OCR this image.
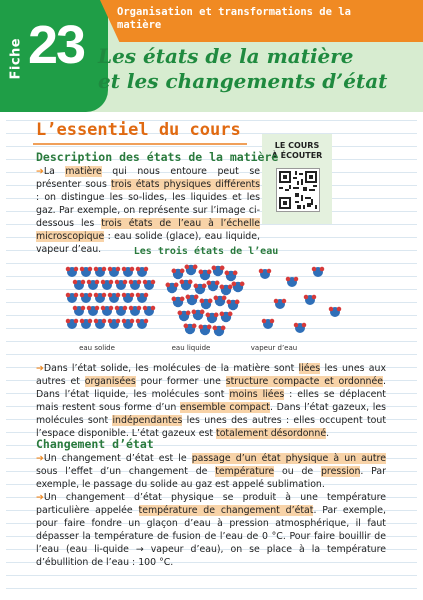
Fiche 23
Organisation et transformations de la matière
Les états de la matière
et les changements d’état
L’essentiel du cours
LE COURS
À ÉCOUTER
Description des états de la matière
➔La matière qui nous entoure peut se présenter sous trois états physiques différents : on distingue les so-lides, les liquides et les gaz. Par exemple, on représente sur l’image ci-dessous les trois états de l’eau à l’échelle microscopique : eau solide (glace), eau liquide, vapeur d’eau.	Les trois états de l’eau
eau solide	eau liquide	vapeur d’eau
➔Dans l’état solide, les molécules de la matière sont liées les unes aux autres et organisées pour former une structure compacte et ordonnée. Dans l’état liquide, les molécules sont moins liées : elles se déplacent mais restent sous forme d’un ensemble compact. Dans l’état gazeux, les molécules sont indépendantes les unes des autres : elles occupent tout l’espace disponible. L’état gazeux est totalement désordonné.
Changement d’état
➔Un changement d’état est le passage d’un état physique à un autre sous l’effet d’un changement de température ou de pression. Par exemple, le passage du solide au gaz est appelé sublimation.
➔Un changement d’état physique se produit à une température particulière appelée température de changement d’état. Par exemple, pour faire fondre un glaçon d’eau à pression atmosphérique, il faut dépasser la température de fusion de l’eau de 0 °C. Pour faire bouillir de l’eau (eau li-quide → vapeur d’eau), on se place à la température d’ébullition de l’eau : 100 °C.
